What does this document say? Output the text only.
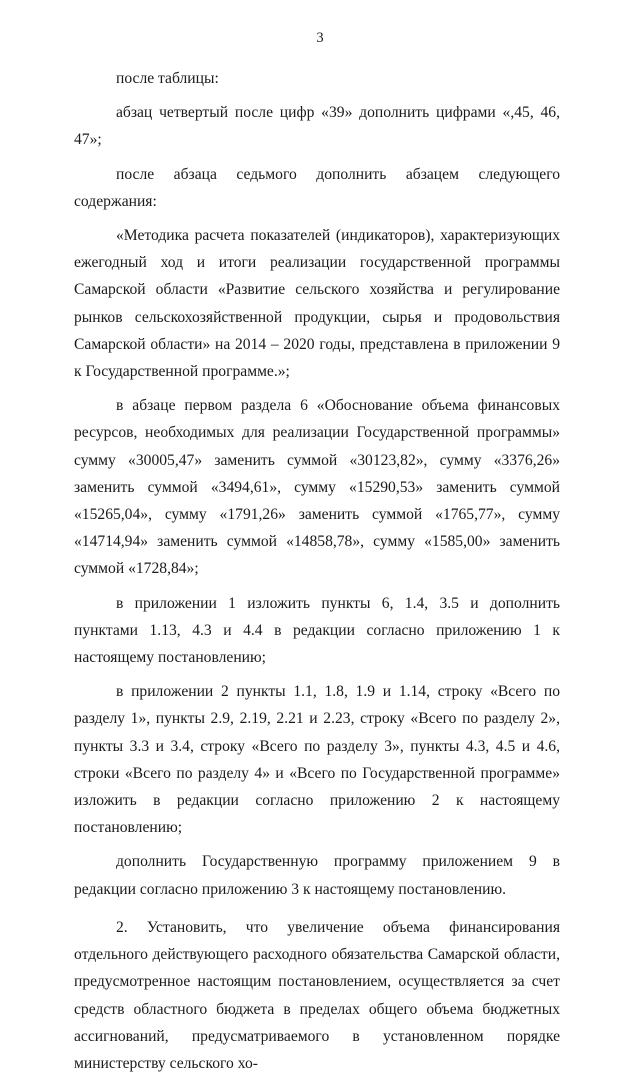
3

после таблицы:

абзац четвертый после цифр «39» дополнить цифрами «,45, 46, 47»;

после абзаца седьмого дополнить абзацем следующего содержания:

«Методика расчета показателей (индикаторов), характеризующих ежегодный ход и итоги реализации государственной программы Самарской области «Развитие сельского хозяйства и регулирование рынков сельскохозяйственной продукции, сырья и продовольствия Самарской области» на 2014 – 2020 годы, представлена в приложении 9 к Государственной программе.»;

в абзаце первом раздела 6 «Обоснование объема финансовых ресурсов, необходимых для реализации Государственной программы» сумму «30005,47» заменить суммой «30123,82», сумму «3376,26» заменить суммой «3494,61», сумму «15290,53» заменить суммой «15265,04», сумму «1791,26» заменить суммой «1765,77», сумму «14714,94» заменить суммой «14858,78», сумму «1585,00» заменить суммой «1728,84»;

в приложении 1 изложить пункты 6, 1.4, 3.5 и дополнить пунктами 1.13, 4.3 и 4.4 в редакции согласно приложению 1 к настоящему постановлению;

в приложении 2 пункты 1.1, 1.8, 1.9 и 1.14, строку «Всего по разделу 1», пункты 2.9, 2.19, 2.21 и 2.23, строку «Всего по разделу 2», пункты 3.3 и 3.4, строку «Всего по разделу 3», пункты 4.3, 4.5 и 4.6, строки «Всего по разделу 4» и «Всего по Государственной программе» изложить в редакции согласно приложению 2 к настоящему постановлению;

дополнить Государственную программу приложением 9 в редакции согласно приложению 3 к настоящему постановлению.

2. Установить, что увеличение объема финансирования отдельного действующего расходного обязательства Самарской области, предусмотренное настоящим постановлением, осуществляется за счет средств областного бюджета в пределах общего объема бюджетных ассигнований, предусматриваемого в установленном порядке министерству сельского хо-
